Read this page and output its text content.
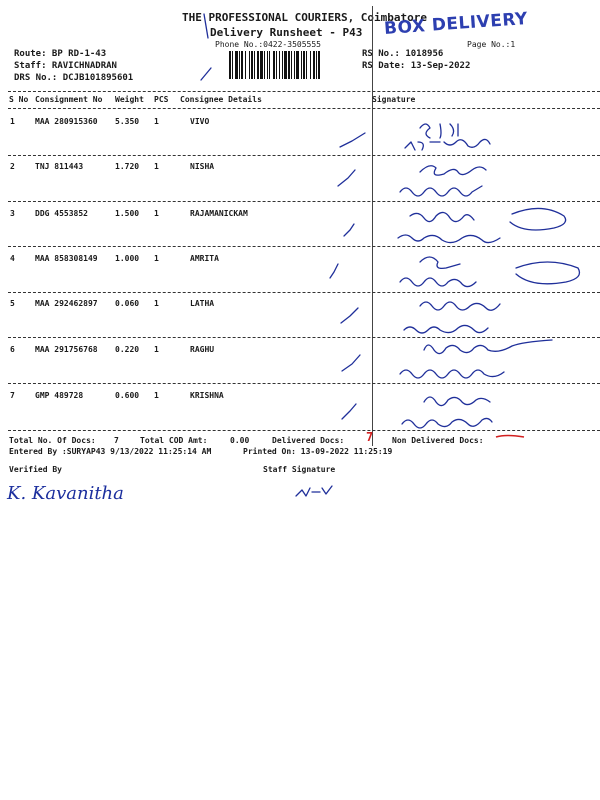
THE PROFESSIONAL COURIERS, Coimbatore
Delivery Runsheet - P43
Phone No.:0422-3505555	Page No.:1
BOX DELIVERY
Route: BP RD-1-43
Staff: RAVICHNADRAN
DRS No.: DCJB101895601
RS No.: 1018956
RS Date: 13-Sep-2022
S No Consignment No Weight PCS Consignee Details	Signature
1	MAA 280915360 5.350 1	VIVO
2	TNJ 811443	1.720 1	NISHA
3	DDG 4553852	1.500 1	RAJAMANICKAM
4	MAA 858308149 1.000 1	AMRITA
5	MAA 292462897 0.060 1	LATHA
6	MAA 291756768 0.220 1	RAGHU
7	GMP 489728	0.600 1	KRISHNA
Total No. Of Docs: 7	Total COD Amt:	0.00	Delivered Docs: 7 Non Delivered Docs:
Entered By :SURYAP43 9/13/2022 11:25:14 AM	Printed On: 13-09-2022 11:25:19
Verified By	Staff Signature
K. Kavanitha
